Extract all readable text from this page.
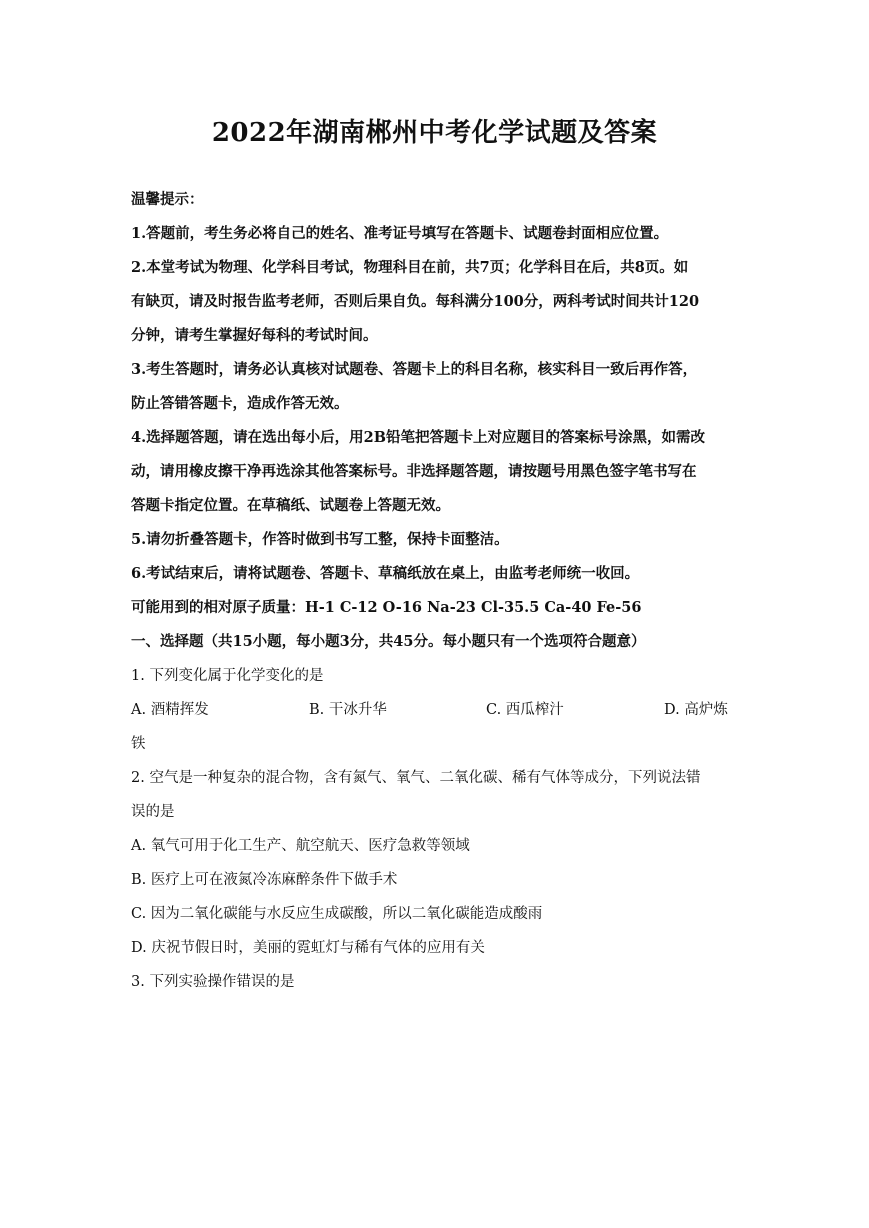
2022年湖南郴州中考化学试题及答案
温馨提示：
1.答题前，考生务必将自己的姓名、准考证号填写在答题卡、试题卷封面相应位置。
2.本堂考试为物理、化学科目考试，物理科目在前，共7页；化学科目在后，共8页。如
有缺页，请及时报告监考老师，否则后果自负。每科满分100分，两科考试时间共计120
分钟，请考生掌握好每科的考试时间。
3.考生答题时，请务必认真核对试题卷、答题卡上的科目名称，核实科目一致后再作答，
防止答错答题卡，造成作答无效。
4.选择题答题，请在选出每小后，用2B铅笔把答题卡上对应题目的答案标号涂黑，如需改
动，请用橡皮擦干净再选涂其他答案标号。非选择题答题，请按题号用黑色签字笔书写在
答题卡指定位置。在草稿纸、试题卷上答题无效。
5.请勿折叠答题卡，作答时做到书写工整，保持卡面整洁。
6.考试结束后，请将试题卷、答题卡、草稿纸放在桌上，由监考老师统一收回。
可能用到的相对原子质量：H-1 C-12 O-16 Na-23 Cl-35.5 Ca-40 Fe-56
一、选择题（共15小题，每小题3分，共45分。每小题只有一个选项符合题意）
1. 下列变化属于化学变化的是
A. 酒精挥发	B. 干冰升华	C. 西瓜榨汁	D. 高炉炼
铁
2. 空气是一种复杂的混合物，含有氮气、氧气、二氧化碳、稀有气体等成分，下列说法错
误的是
A. 氧气可用于化工生产、航空航天、医疗急救等领域
B. 医疗上可在液氮冷冻麻醉条件下做手术
C. 因为二氧化碳能与水反应生成碳酸，所以二氧化碳能造成酸雨
D. 庆祝节假日时，美丽的霓虹灯与稀有气体的应用有关
3. 下列实验操作错误的是
